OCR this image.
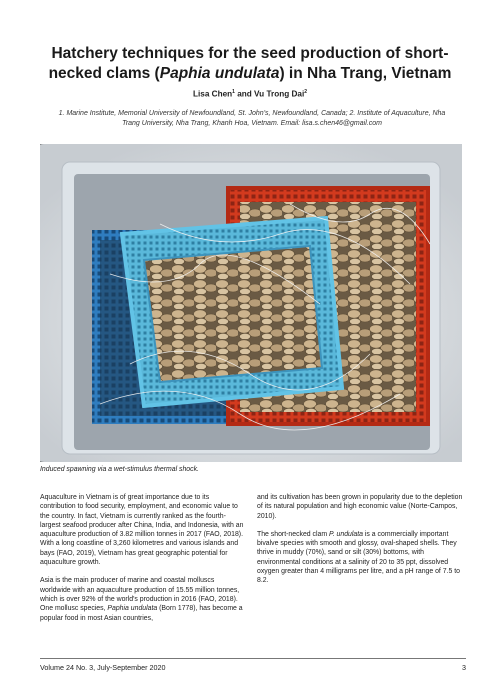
Hatchery techniques for the seed production of short-
necked clams (Paphia undulata) in Nha Trang, Vietnam
Lisa Chen$^1$ and Vu Trong Dai$^2$
1. Marine Institute, Memorial University of Newfoundland, St. John's, Newfoundland, Canada; 2. Institute of Aquaculture, Nha
Trang University, Nha Trang, Khanh Hoa, Vietnam. Email: lisa.s.chen46@gmail.com
Induced spawning via a wet-stimulus thermal shock.

Aquaculture in Vietnam is of great importance due to its contribution to food security, employment, and economic value to the country. In fact, Vietnam is currently ranked as the fourth-largest seafood producer after China, India, and Indonesia, with an aquaculture production of 3.82 million tonnes in 2017 (FAO, 2018). With a long coastline of 3,260 kilometres and various islands and bays (FAO, 2019), Vietnam has great geographic potential for aquaculture growth.

Asia is the main producer of marine and coastal molluscs worldwide with an aquaculture production of 15.55 million tonnes, which is over 92% of the world's production in 2016 (FAO, 2018). One mollusc species, Paphia undulata (Born 1778), has become a popular food in most Asian countries,

and its cultivation has been grown in popularity due to the depletion of its natural population and high economic value (Norte-Campos, 2010).

The short-necked clam P. undulata is a commercially important bivalve species with smooth and glossy, oval-shaped shells. They thrive in muddy (70%), sand or silt (30%) bottoms, with environmental conditions at a salinity of 20 to 35 ppt, dissolved oxygen greater than 4 milligrams per litre, and a pH range of 7.5 to 8.2.

Volume 24 No. 3, July-September 2020	3
